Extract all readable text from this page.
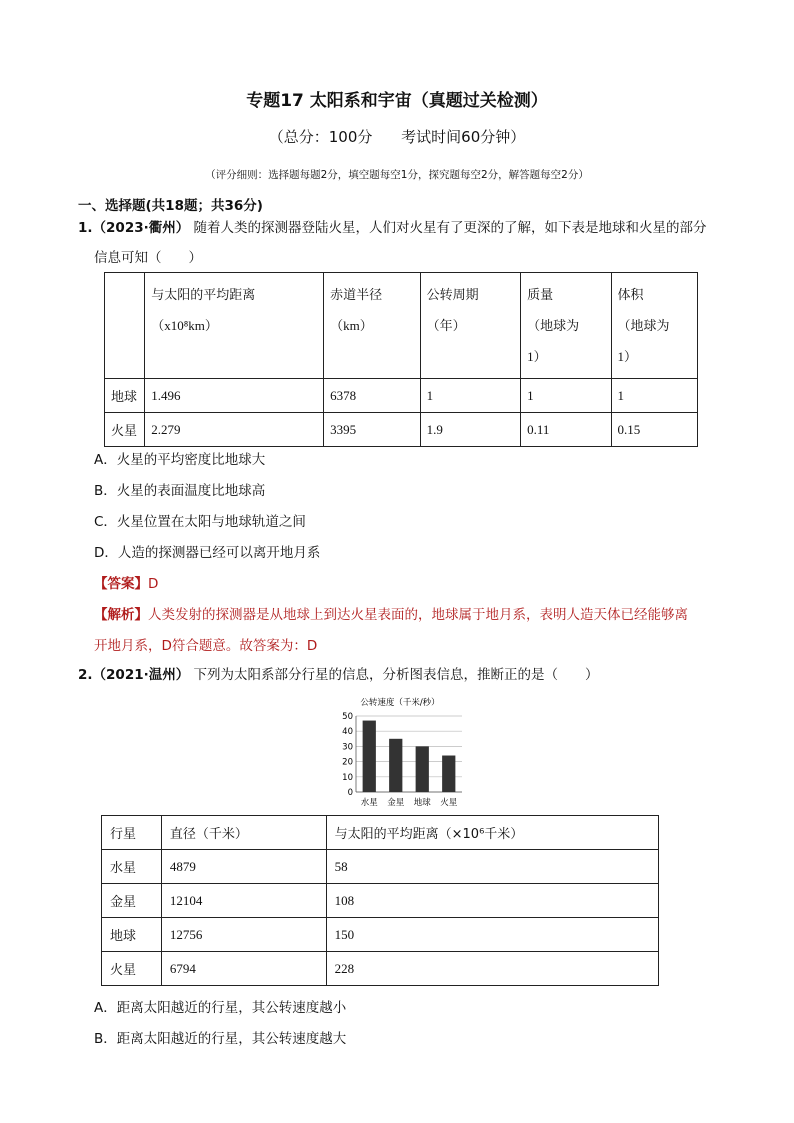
专题17 太阳系和宇宙（真题过关检测）
（总分：100分 考试时间60分钟）
（评分细则：选择题每题2分，填空题每空1分，探究题每空2分，解答题每空2分）
一、选择题(共18题；共36分)
1.（2023·衢州） 随着人类的探测器登陆火星，人们对火星有了更深的了解，如下表是地球和火星的部分
信息可知（　　）
	与太阳的平均距离
（x10⁸km）	赤道半径
（km）	公转周期
（年）	质量
（地球为
1）	体积
（地球为
1）
地球	1.496	6378	1	1	1
火星	2.279	3395	1.9	0.11	0.15
A．火星的平均密度比地球大
B．火星的表面温度比地球高
C．火星位置在太阳与地球轨道之间
D．人造的探测器已经可以离开地月系
【答案】D
【解析】人类发射的探测器是从地球上到达火星表面的，地球属于地月系，表明人造天体已经能够离
开地月系，D符合题意。故答案为：D
2.（2021·温州） 下列为太阳系部分行星的信息，分析图表信息，推断正的是（　　）
公转速度（千米/秒）
50
40
30
20
10
0
水星 金星 地球 火星
行星	直径（千米）	与太阳的平均距离（×10⁶千米）
水星	4879	58
金星	12104	108
地球	12756	150
火星	6794	228
A．距离太阳越近的行星，其公转速度越小
B．距离太阳越近的行星，其公转速度越大
